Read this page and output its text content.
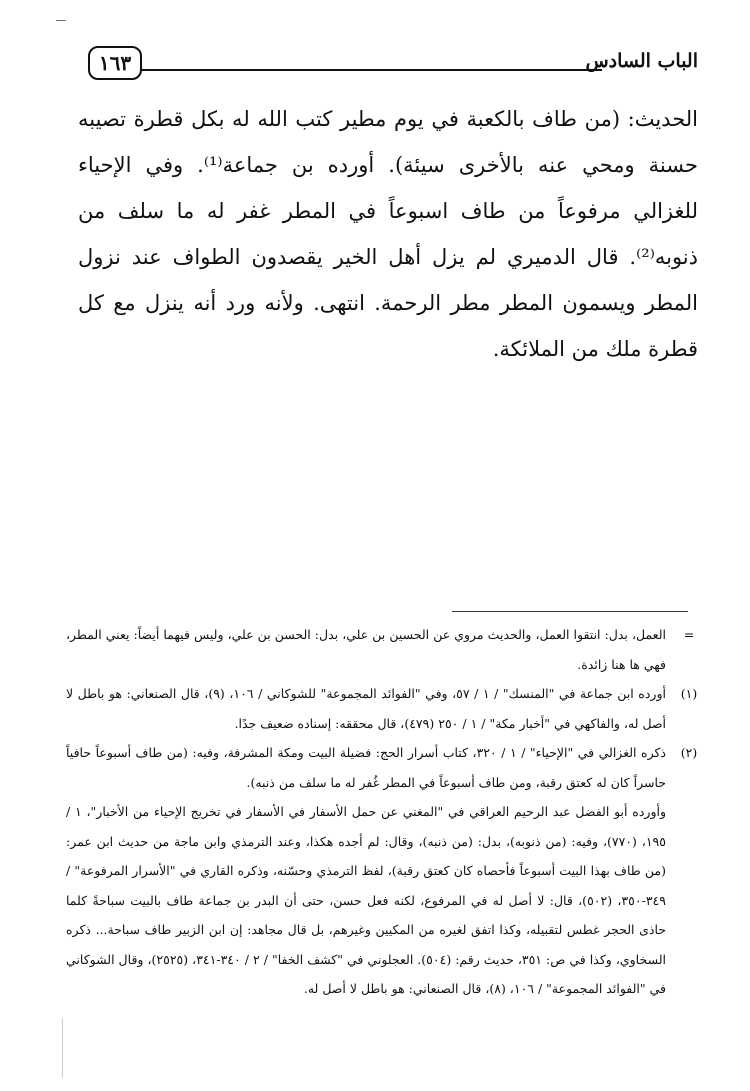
١٦٣	الباب السادس

الحديث: (من طاف بالكعبة في يوم مطير كتب الله له بكل قطرة تصيبه حسنة ومحي عنه بالأخرى سيئة). أورده بن جماعة⁽¹⁾. وفي الإحياء للغزالي مرفوعاً من طاف اسبوعاً في المطر غفر له ما سلف من ذنوبه⁽²⁾. قال الدميري لم يزل أهل الخير يقصدون الطواف عند نزول المطر ويسمون المطر مطر الرحمة. انتهى. ولأنه ورد أنه ينزل مع كل قطرة ملك من الملائكة.

=

العمل، بدل: انتقوا العمل، والحديث مروي عن الحسين بن علي، بدل: الحسن بن علي، وليس فيهما أيضاً: يعني المطر، فهي ها هنا زائدة.

(١)

أورده ابن جماعة في "المنسك" / ١ / ٥٧، وفي "الفوائد المجموعة" للشوكاني / ١٠٦، (٩)، قال الصنعاني: هو باطل لا أصل له، والفاكهي في "أخبار مكة" / ١ / ٢٥٠ (٤٧٩)، قال محققه: إسناده ضعيف جدًا.

(٢)

ذكره الغزالي في "الإحياء" / ١ / ٣٢٠، كتاب أسرار الحج: فضيلة البيت ومكة المشرفة، وفيه: (من طاف أسبوعاً حافياً حاسراً كان له كعتق رقبة، ومن طاف أسبوعاً في المطر غُفر له ما سلف من ذنبه).

وأورده أبو الفضل عبد الرحيم العراقي في "المغني عن حمل الأسفار في الأسفار في تخريج الإحياء من الأخبار"، ١ / ١٩٥، (٧٧٠)، وفيه: (من ذنوبه)، بدل: (من ذنبه)، وقال: لم أجده هكذا، وعند الترمذي وابن ماجة من حديث ابن عمر: (من طاف بهذا البيت أسبوعاً فأحصاه كان كعتق رقبة)، لفظ الترمذي وحسّنه، وذكره القاري في "الأسرار المرفوعة" / ٣٤٩-٣٥٠، (٥٠٢)، قال: لا أصل له في المرفوع، لكنه فعل حسن، حتى أن البدر بن جماعة طاف بالبيت سباحةً كلما حاذى الحجر غطس لتقبيله، وكذا اتفق لغيره من المكيين وغيرهم، بل قال مجاهد: إن ابن الزبير طاف سباحة... ذكره السخاوي، وكذا في ص: ٣٥١، حديث رقم: (٥٠٤). العجلوني في "كشف الخفا" / ٢ / ٣٤٠-٣٤١، (٢٥٢٥)، وقال الشوكاني في "الفوائد المجموعة" / ١٠٦، (٨)، قال الصنعاني: هو باطل لا أصل له.
